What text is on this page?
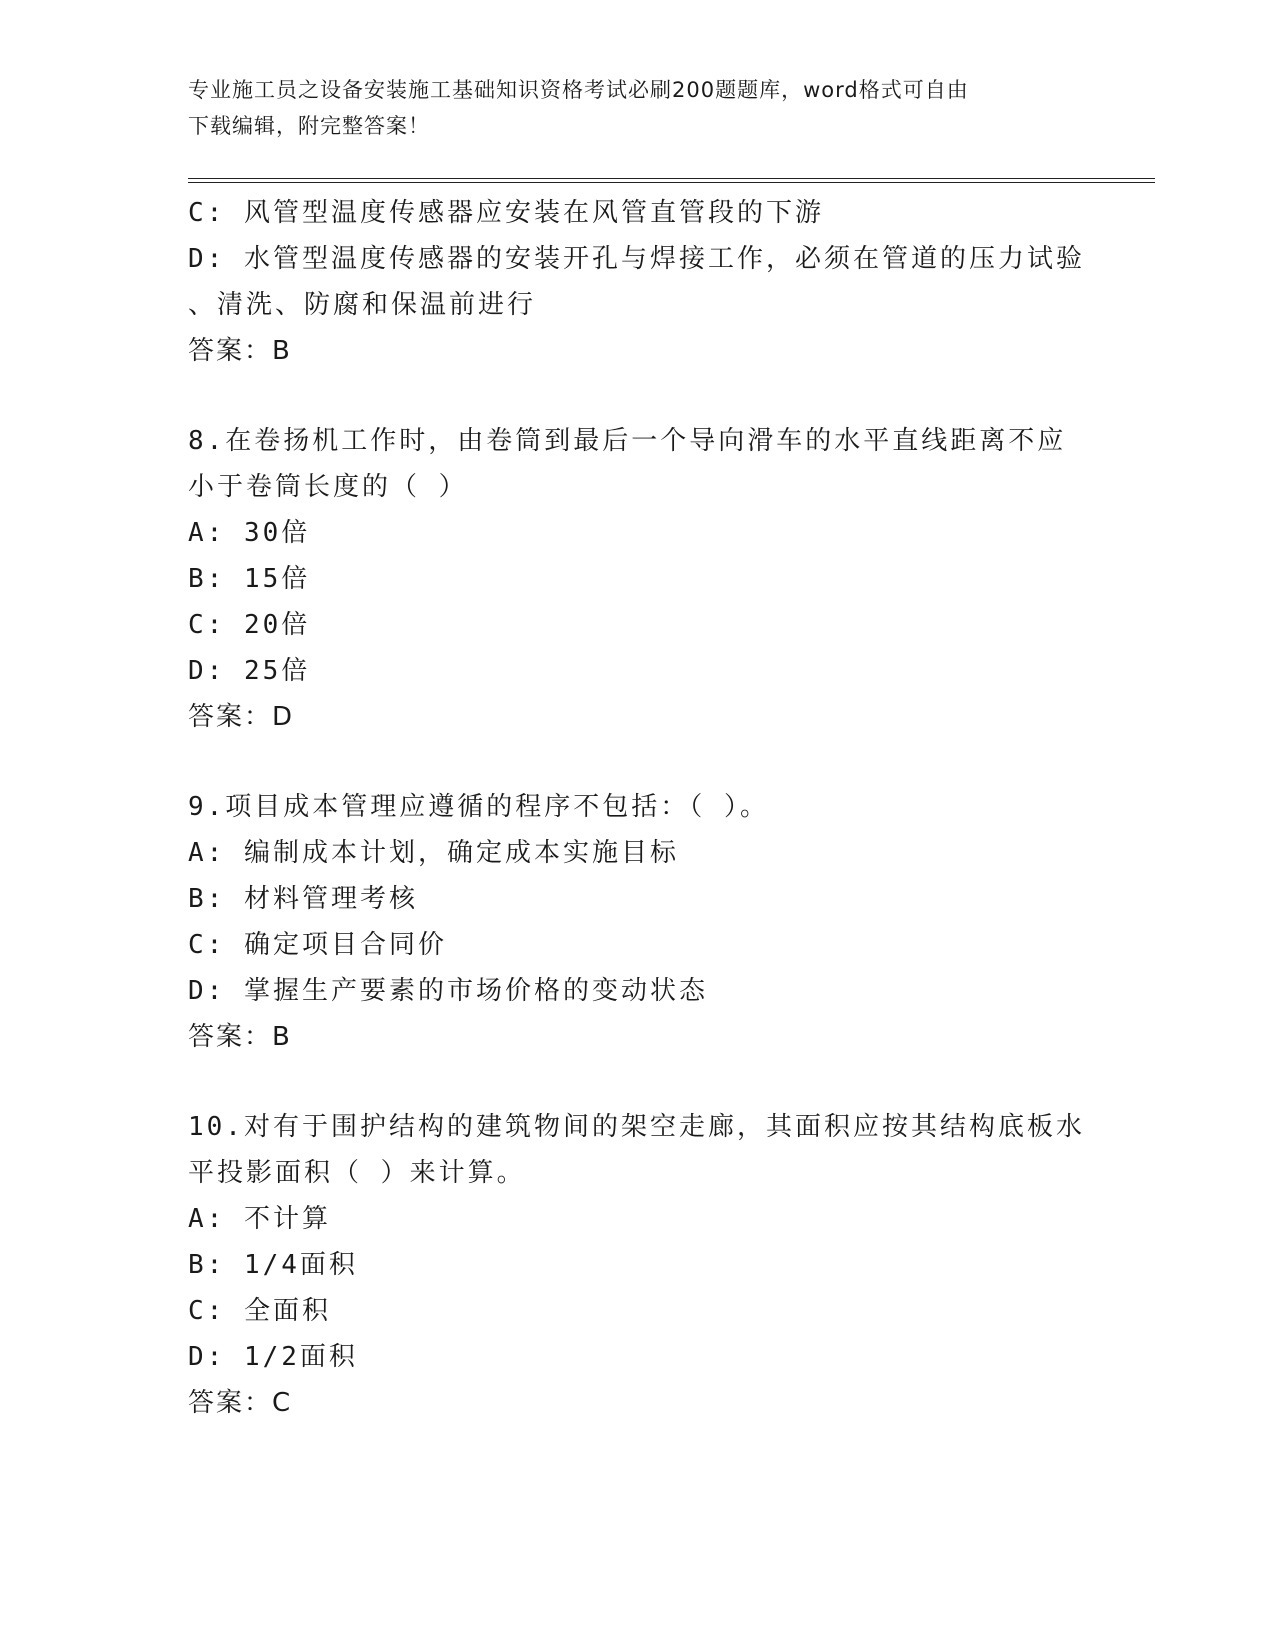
专业施工员之设备安装施工基础知识资格考试必刷200题题库，word格式可自由
下载编辑，附完整答案！
C: 风管型温度传感器应安装在风管直管段的下游
D: 水管型温度传感器的安装开孔与焊接工作，必须在管道的压力试验
、清洗、防腐和保温前进行
答案：B
8.在卷扬机工作时，由卷筒到最后一个导向滑车的水平直线距离不应
小于卷筒长度的（ ）
A: 30倍
B: 15倍
C: 20倍
D: 25倍
答案：D
9.项目成本管理应遵循的程序不包括：（ ）。
A: 编制成本计划，确定成本实施目标
B: 材料管理考核
C: 确定项目合同价
D: 掌握生产要素的市场价格的变动状态
答案：B
10.对有于围护结构的建筑物间的架空走廊，其面积应按其结构底板水
平投影面积（ ）来计算。
A: 不计算
B: 1/4面积
C: 全面积
D: 1/2面积
答案：C
